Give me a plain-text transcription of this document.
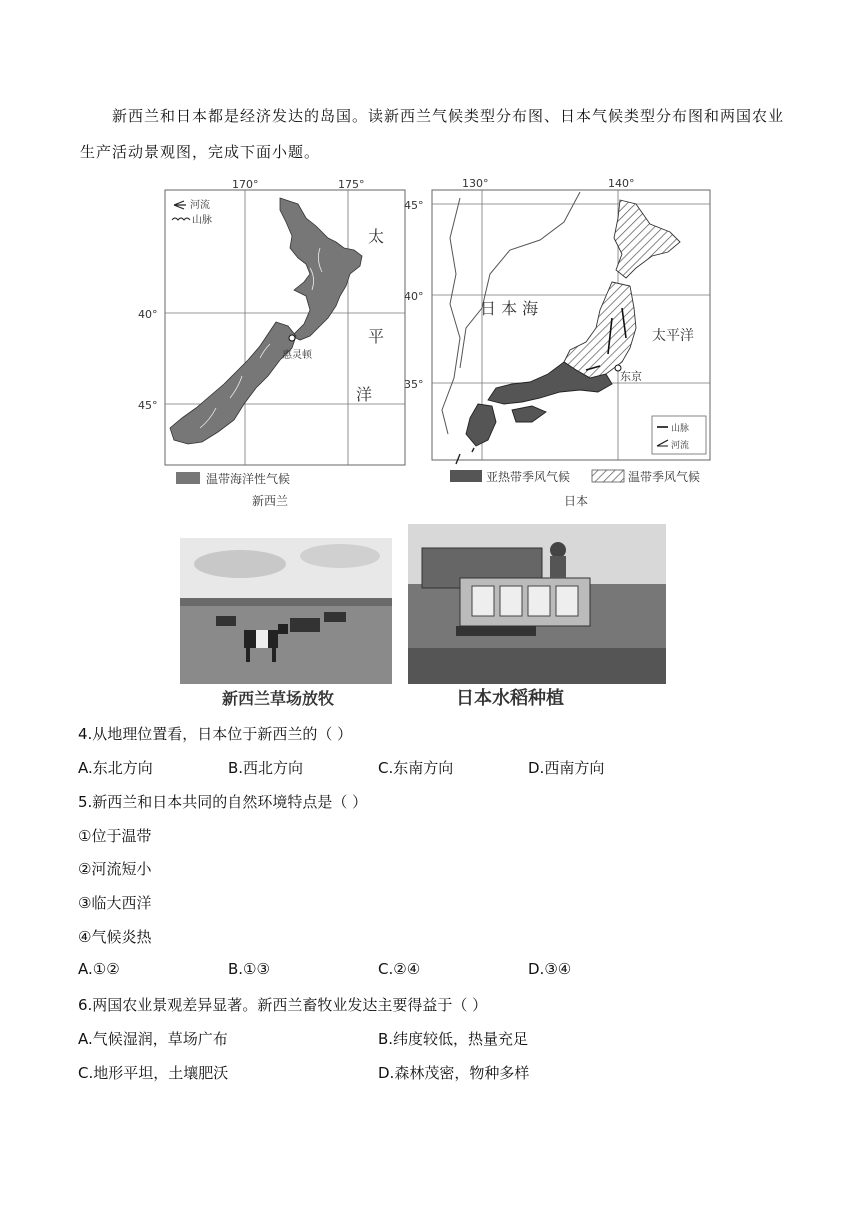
新西兰和日本都是经济发达的岛国。读新西兰气候类型分布图、日本气候类型分布图和两国农业生产活动景观图，完成下面小题。

170°	175°
40°
45°
河流
山脉
惠灵顿
太
平
洋
温带海洋性气候
新西兰
130°	140°
45°
40°
35°
东京
日 本 海
太平洋
山脉
河流
亚热带季风气候	温带季风气候
日本
新西兰草场放牧	日本水稻种植
4.从地理位置看，日本位于新西兰的（ ）
A.东北方向	B.西北方向	C.东南方向	D.西南方向
5.新西兰和日本共同的自然环境特点是（ ）
①位于温带
②河流短小
③临大西洋
④气候炎热
A.①②	B.①③	C.②④	D.③④
6.两国农业景观差异显著。新西兰畜牧业发达主要得益于（ ）
A.气候湿润，草场广布	B.纬度较低，热量充足
C.地形平坦，土壤肥沃	D.森林茂密，物种多样
